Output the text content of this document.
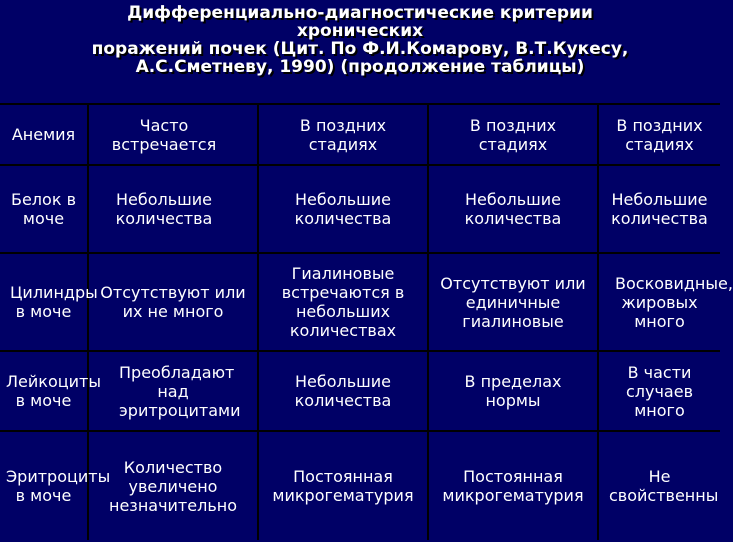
Дифференциально-диагностические критерии
хронических
поражений почек (Цит. По Ф.И.Комарову, В.Т.Кукесу,
А.С.Сметневу, 1990) (продолжение таблицы)
Анемия	Часто встречается	В поздних стадиях	В поздних стадиях	В поздних стадиях

Белок в моче	Небольшие количества	Небольшие количества	Небольшие количества	Небольшие количества

Цилиндры в моче	Отсутствуют или их не много	Гиалиновые встречаются в небольших количествах	Отсутствуют или единичные гиалиновые	Восковидные, жировых много

Лейкоциты в моче	Преобладают над эритроцитами	Небольшие количества	В пределах нормы	В части случаев много

Эритроциты в моче	Количество увеличено незначительно	Постоянная микрогематурия	Постоянная микрогематурия	Не свойственны
